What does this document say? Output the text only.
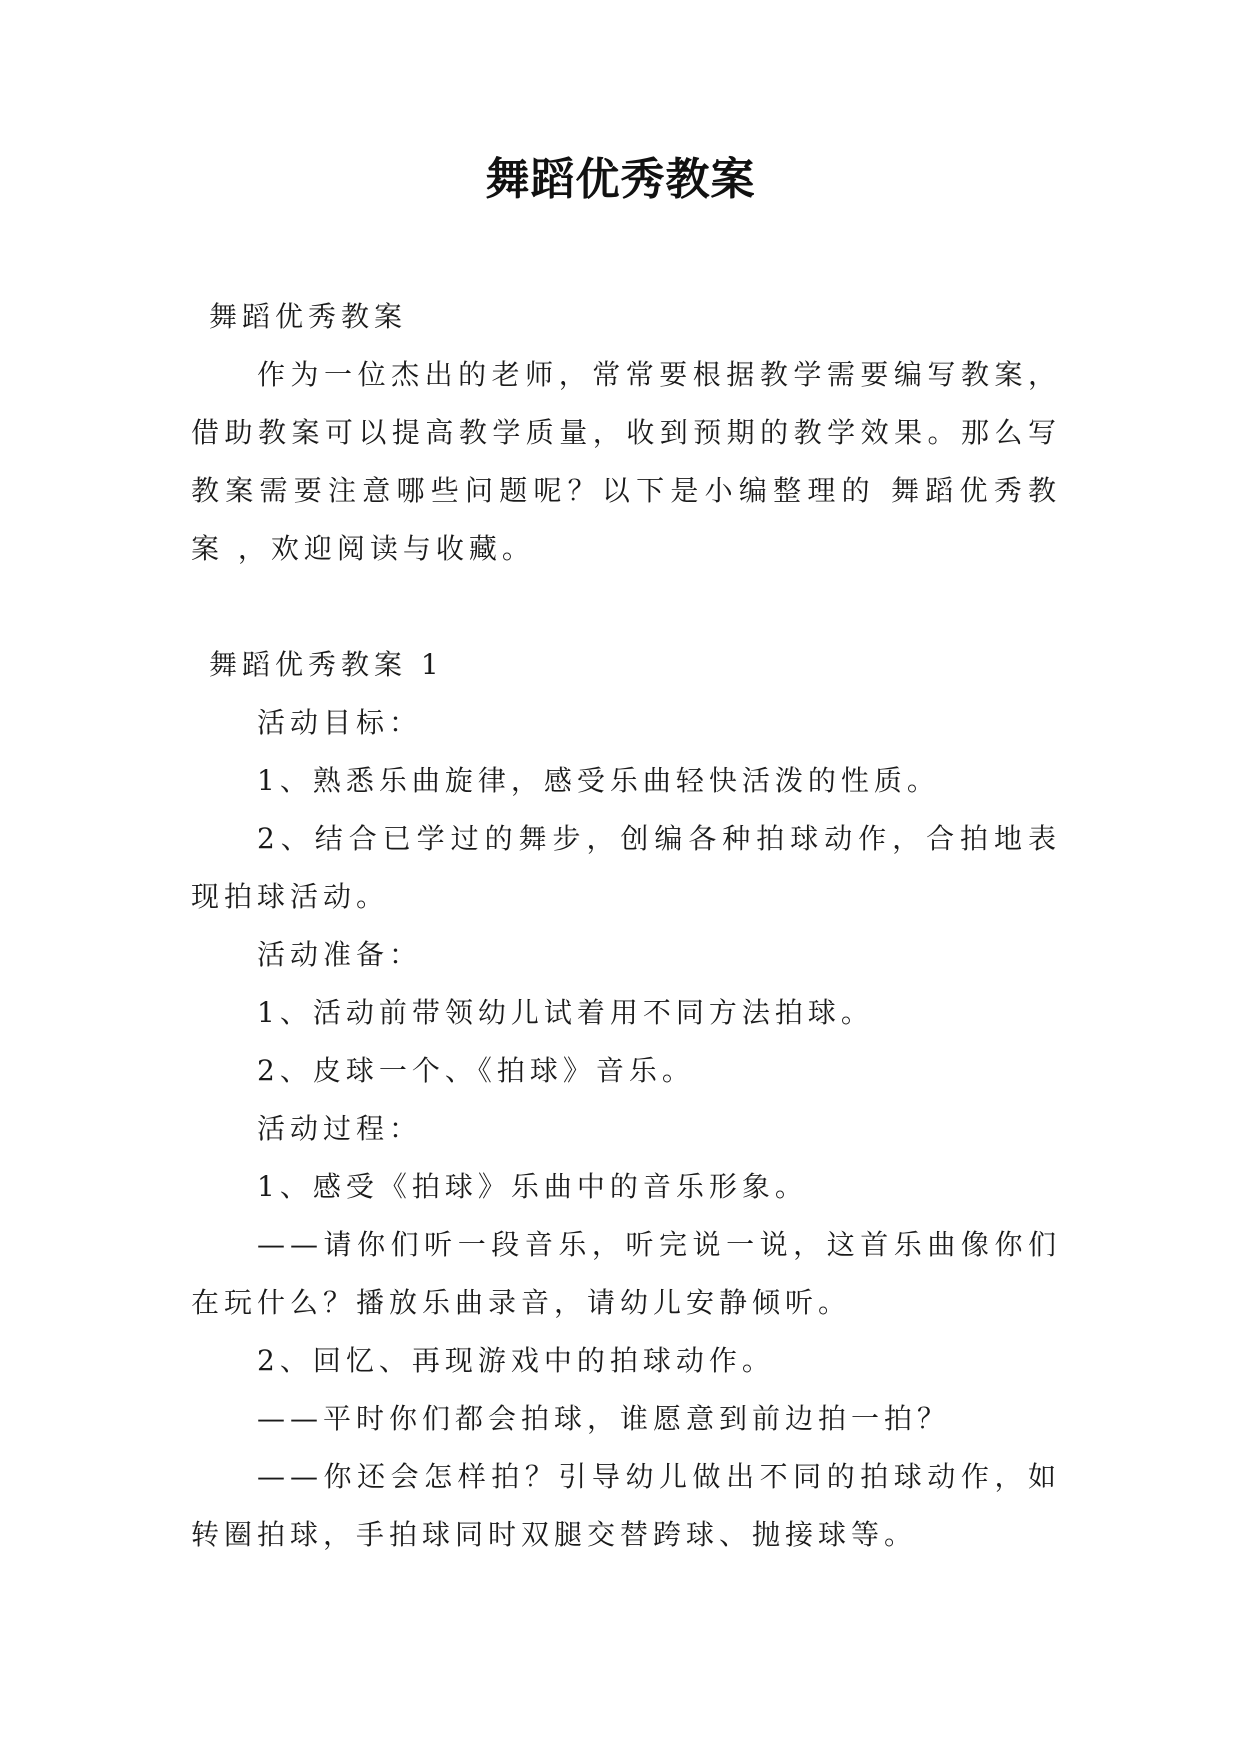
舞蹈优秀教案

舞蹈优秀教案

作为一位杰出的老师，常常要根据教学需要编写教案，借助教案可以提高教学质量，收到预期的教学效果。那么写教案需要注意哪些问题呢？以下是小编整理的 舞蹈优秀教案 ，欢迎阅读与收藏。

舞蹈优秀教案 1

活动目标：

1、熟悉乐曲旋律，感受乐曲轻快活泼的性质。

2、结合已学过的舞步，创编各种拍球动作，合拍地表现拍球活动。

活动准备：

1、活动前带领幼儿试着用不同方法拍球。

2、皮球一个、《拍球》音乐。

活动过程：

1、感受《拍球》乐曲中的音乐形象。

——请你们听一段音乐，听完说一说，这首乐曲像你们在玩什么？播放乐曲录音，请幼儿安静倾听。

2、回忆、再现游戏中的拍球动作。

——平时你们都会拍球，谁愿意到前边拍一拍？

——你还会怎样拍？引导幼儿做出不同的拍球动作，如转圈拍球，手拍球同时双腿交替跨球、抛接球等。
